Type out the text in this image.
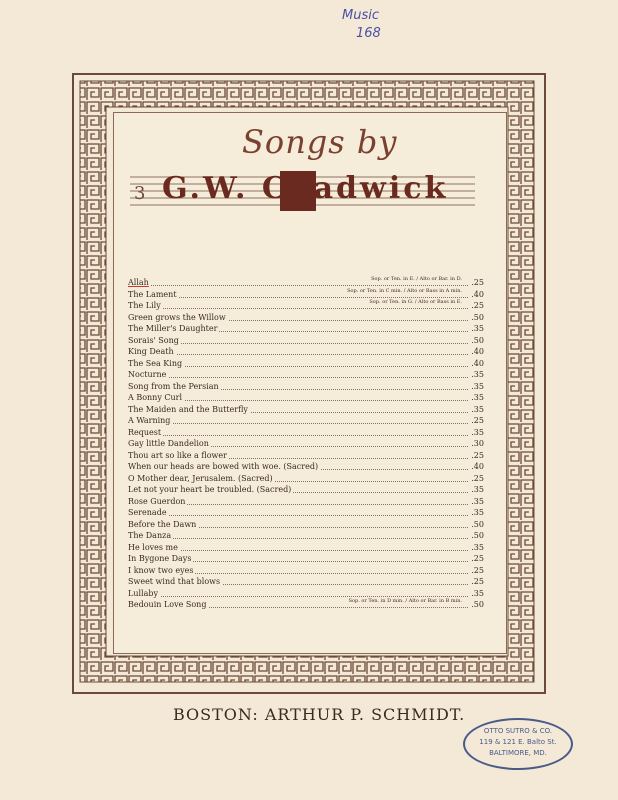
Music
168
Songs by
3 G.W. Chadwick
Allah	Sop. or Ten. in E. / Alto or Bar. in D. .25
The Lament	Sop. or Ten. in C min. / Alto or Bass in A min. .40
The Lily	Sop. or Ten. in G. / Alto or Bass in E. .25
Green grows the Willow	.50
The Miller's Daughter	.35
Sorais' Song	.50
King Death	.40
The Sea King	.40
Nocturne	.35
Song from the Persian	.35
A Bonny Curl	.35
The Maiden and the Butterfly	.35
A Warning	.25
Request	.35
Gay little Dandelion	.30
Thou art so like a flower	.25
When our heads are bowed with woe. (Sacred)	.40
O Mother dear, Jerusalem. (Sacred)	.25
Let not your heart be troubled. (Sacred)	.35
Rose Guerdon	.35
Serenade	.35
Before the Dawn	.50
The Danza	.50
He loves me	.35
In Bygone Days	.25
I know two eyes	.25
Sweet wind that blows	.25
Lullaby	.35
Bedouin Love Song	Sop. or Ten. in D min. / Alto or Bar. in B min. .50
BOSTON: ARTHUR P. SCHMIDT.
OTTO SUTRO & CO.
119 & 121 E. Balto St.
BALTIMORE, MD.
